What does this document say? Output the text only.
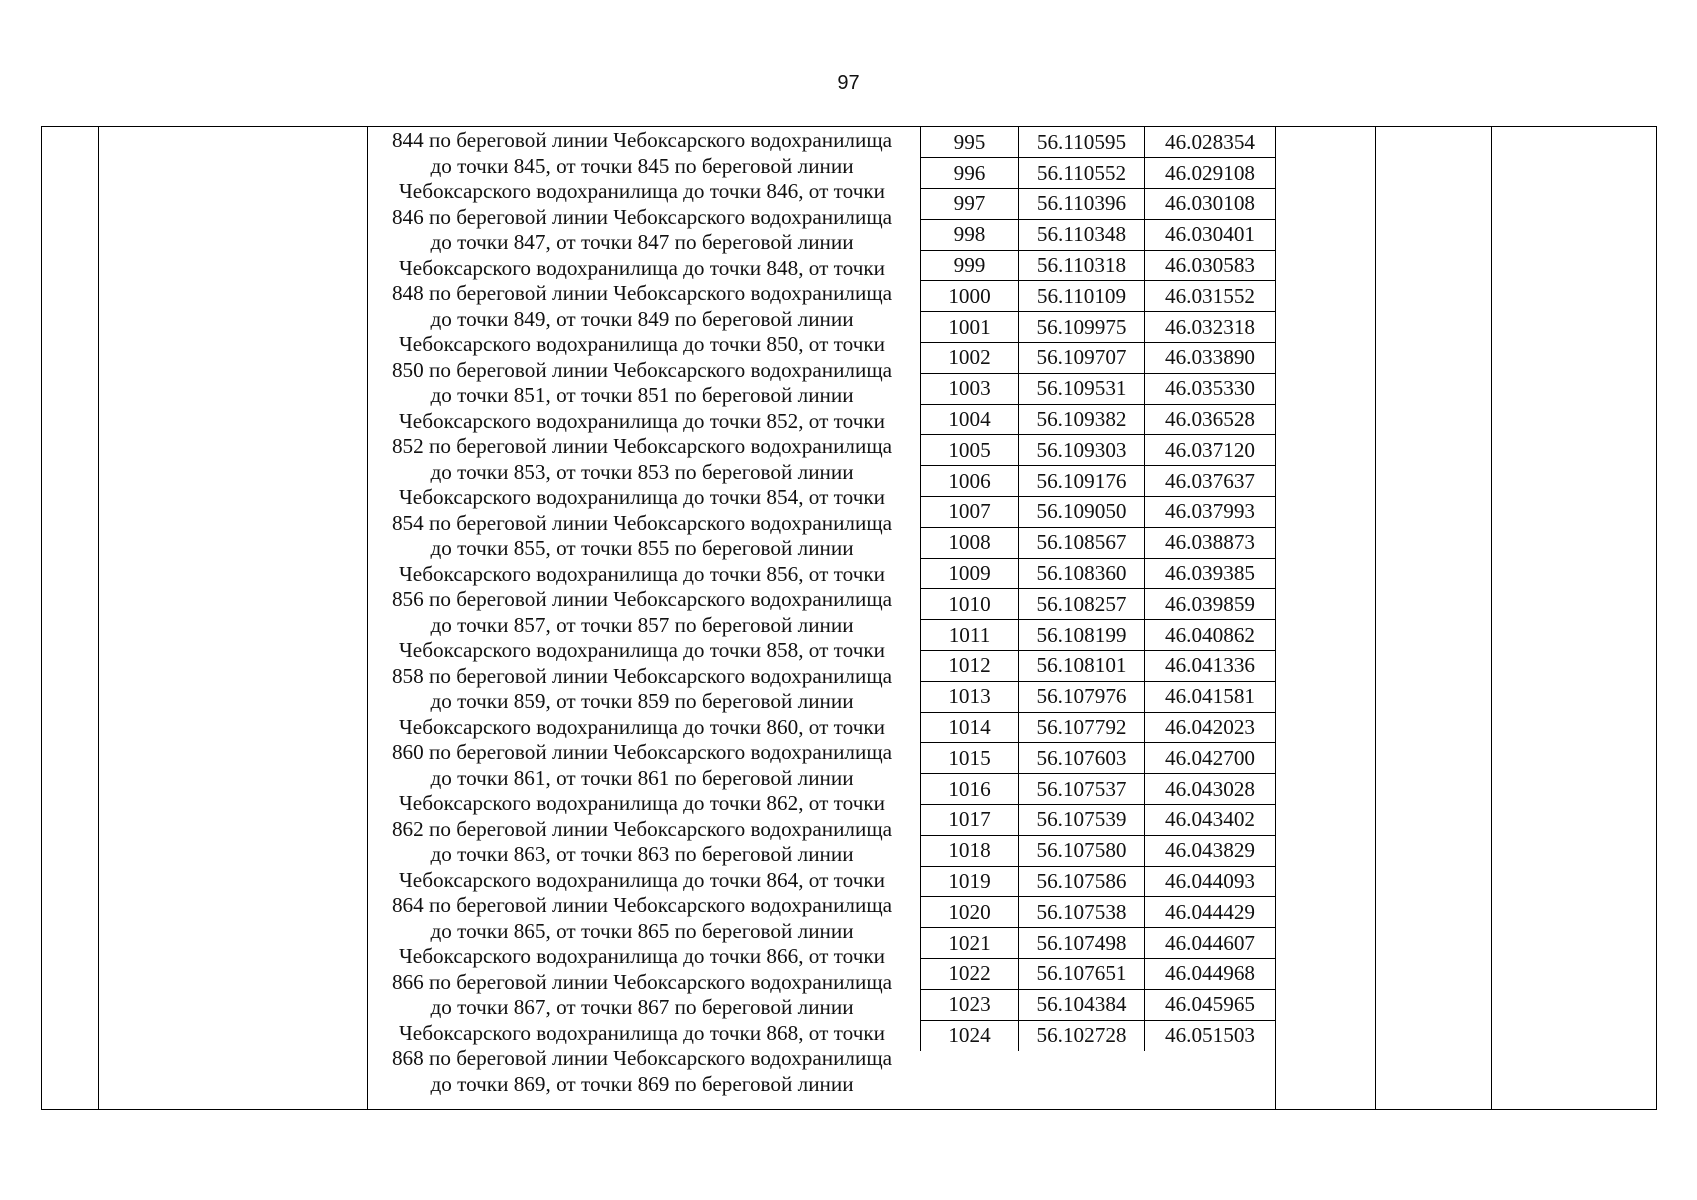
97
844 по береговой линии Чебоксарского водохранилища
до точки 845, от точки 845 по береговой линии
Чебоксарского водохранилища до точки 846, от точки
846 по береговой линии Чебоксарского водохранилища
до точки 847, от точки 847 по береговой линии
Чебоксарского водохранилища до точки 848, от точки
848 по береговой линии Чебоксарского водохранилища
до точки 849, от точки 849 по береговой линии
Чебоксарского водохранилища до точки 850, от точки
850 по береговой линии Чебоксарского водохранилища
до точки 851, от точки 851 по береговой линии
Чебоксарского водохранилища до точки 852, от точки
852 по береговой линии Чебоксарского водохранилища
до точки 853, от точки 853 по береговой линии
Чебоксарского водохранилища до точки 854, от точки
854 по береговой линии Чебоксарского водохранилища
до точки 855, от точки 855 по береговой линии
Чебоксарского водохранилища до точки 856, от точки
856 по береговой линии Чебоксарского водохранилища
до точки 857, от точки 857 по береговой линии
Чебоксарского водохранилища до точки 858, от точки
858 по береговой линии Чебоксарского водохранилища
до точки 859, от точки 859 по береговой линии
Чебоксарского водохранилища до точки 860, от точки
860 по береговой линии Чебоксарского водохранилища
до точки 861, от точки 861 по береговой линии
Чебоксарского водохранилища до точки 862, от точки
862 по береговой линии Чебоксарского водохранилища
до точки 863, от точки 863 по береговой линии
Чебоксарского водохранилища до точки 864, от точки
864 по береговой линии Чебоксарского водохранилища
до точки 865, от точки 865 по береговой линии
Чебоксарского водохранилища до точки 866, от точки
866 по береговой линии Чебоксарского водохранилища
до точки 867, от точки 867 по береговой линии
Чебоксарского водохранилища до точки 868, от точки
868 по береговой линии Чебоксарского водохранилища
до точки 869, от точки 869 по береговой линии
995	56.110595	46.028354
996	56.110552	46.029108
997	56.110396	46.030108
998	56.110348	46.030401
999	56.110318	46.030583
1000	56.110109	46.031552
1001	56.109975	46.032318
1002	56.109707	46.033890
1003	56.109531	46.035330
1004	56.109382	46.036528
1005	56.109303	46.037120
1006	56.109176	46.037637
1007	56.109050	46.037993
1008	56.108567	46.038873
1009	56.108360	46.039385
1010	56.108257	46.039859
1011	56.108199	46.040862
1012	56.108101	46.041336
1013	56.107976	46.041581
1014	56.107792	46.042023
1015	56.107603	46.042700
1016	56.107537	46.043028
1017	56.107539	46.043402
1018	56.107580	46.043829
1019	56.107586	46.044093
1020	56.107538	46.044429
1021	56.107498	46.044607
1022	56.107651	46.044968
1023	56.104384	46.045965
1024	56.102728	46.051503
